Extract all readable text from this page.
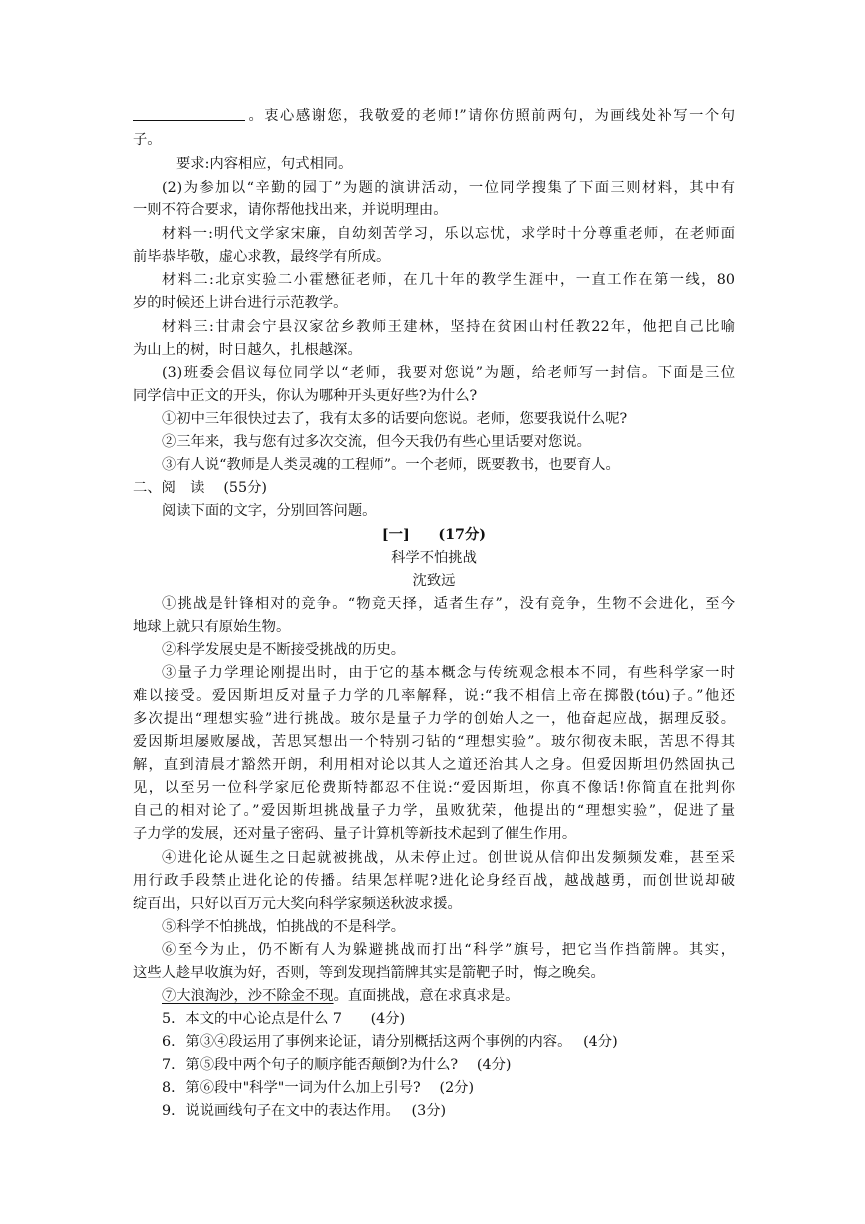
。衷心感谢您，我敬爱的老师!”请你仿照前两句，为画线处补写一个句
子。
要求:内容相应，句式相同。
(2)为参加以“辛勤的园丁”为题的演讲活动，一位同学搜集了下面三则材料，其中有
一则不符合要求，请你帮他找出来，并说明理由。
材料一:明代文学家宋廉，自幼刻苦学习，乐以忘忧，求学时十分尊重老师，在老师面
前毕恭毕敬，虚心求教，最终学有所成。
材料二:北京实验二小霍懋征老师，在几十年的教学生涯中，一直工作在第一线，80
岁的时候还上讲台进行示范教学。
材料三:甘肃会宁县汉家岔乡教师王建林，坚持在贫困山村任教22年，他把自己比喻
为山上的树，时日越久，扎根越深。
(3)班委会倡议每位同学以“老师，我要对您说”为题，给老师写一封信。下面是三位
同学信中正文的开头，你认为哪种开头更好些?为什么?
①初中三年很快过去了，我有太多的话要向您说。老师，您要我说什么呢?
②三年来，我与您有过多次交流，但今天我仍有些心里话要对您说。
③有人说“教师是人类灵魂的工程师”。一个老师，既要教书，也要育人。
二、阅　读　 (55分)
阅读下面的文字，分别回答问题。
[一]　　(17分)
科学不怕挑战
沈致远
①挑战是针锋相对的竞争。“物竞天择，适者生存”，没有竞争，生物不会进化，至今
地球上就只有原始生物。
②科学发展史是不断接受挑战的历史。
③量子力学理论刚提出时，由于它的基本概念与传统观念根本不同，有些科学家一时
难以接受。爱因斯坦反对量子力学的几率解释，说:“我不相信上帝在掷骰(tóu)子。”他还
多次提出“理想实验”进行挑战。玻尔是量子力学的创始人之一，他奋起应战，据理反驳。
爱因斯坦屡败屡战，苦思冥想出一个特别刁钻的“理想实验”。玻尔彻夜未眠，苦思不得其
解，直到清晨才豁然开朗，利用相对论以其人之道还治其人之身。但爱因斯坦仍然固执己
见，以至另一位科学家厄伦费斯特都忍不住说:“爱因斯坦，你真不像话!你简直在批判你
自己的相对论了。”爱因斯坦挑战量子力学，虽败犹荣，他提出的“理想实验”，促进了量
子力学的发展，还对量子密码、量子计算机等新技术起到了催生作用。
④进化论从诞生之日起就被挑战，从未停止过。创世说从信仰出发频频发难，甚至采
用行政手段禁止进化论的传播。结果怎样呢?进化论身经百战，越战越勇，而创世说却破
绽百出，只好以百万元大奖向科学家频送秋波求援。
⑤科学不怕挑战，怕挑战的不是科学。
⑥至今为止，仍不断有人为躲避挑战而打出“科学”旗号，把它当作挡箭牌。其实，
这些人趁早收旗为好，否则，等到发现挡箭牌其实是箭靶子时，悔之晚矣。
⑦大浪淘沙，沙不除金不现。直面挑战，意在求真求是。
5．本文的中心论点是什么 7　　(4分)
6．第③④段运用了事例来论证，请分别概括这两个事例的内容。　 (4分)
7．第⑤段中两个句子的顺序能否颠倒?为什么?　 (4分)
8．第⑥段中"科学"一词为什么加上引号?　 (2分)
9．说说画线句子在文中的表达作用。　 (3分)
